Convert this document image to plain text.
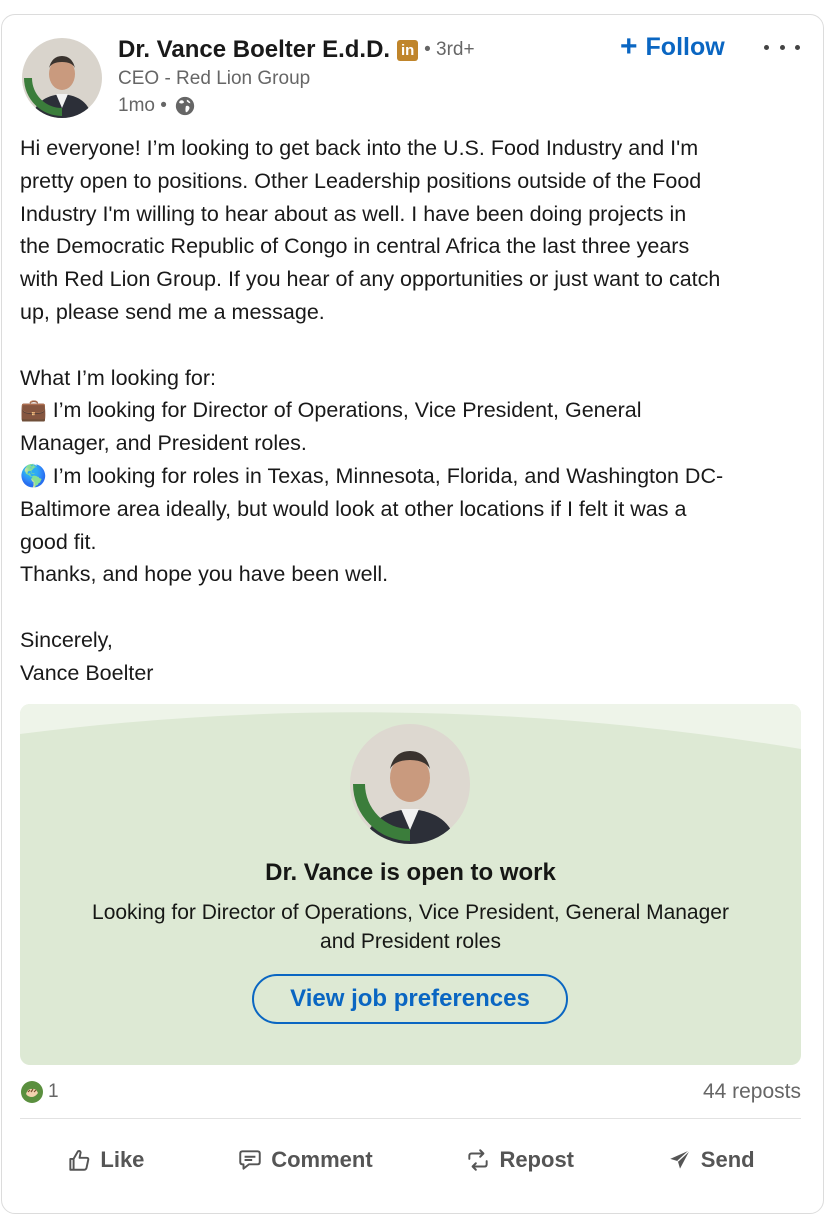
Dr. Vance Boelter E.d.D. in • 3rd+
CEO - Red Lion Group
1mo •
+ Follow
Hi everyone! I’m looking to get back into the U.S. Food Industry and I'm
pretty open to positions. Other Leadership positions outside of the Food
Industry I'm willing to hear about as well. I have been doing projects in
the Democratic Republic of Congo in central Africa the last three years
with Red Lion Group. If you hear of any opportunities or just want to catch
up, please send me a message.

What I’m looking for:
💼 I’m looking for Director of Operations, Vice President, General
Manager, and President roles.
🌎 I’m looking for roles in Texas, Minnesota, Florida, and Washington DC-
Baltimore area ideally, but would look at other locations if I felt it was a
good fit.
Thanks, and hope you have been well.

Sincerely,
Vance Boelter
Dr. Vance is open to work
Looking for Director of Operations, Vice President, General Manager and President roles
View job preferences
1	44 reposts
Like	Comment	Repost	Send
